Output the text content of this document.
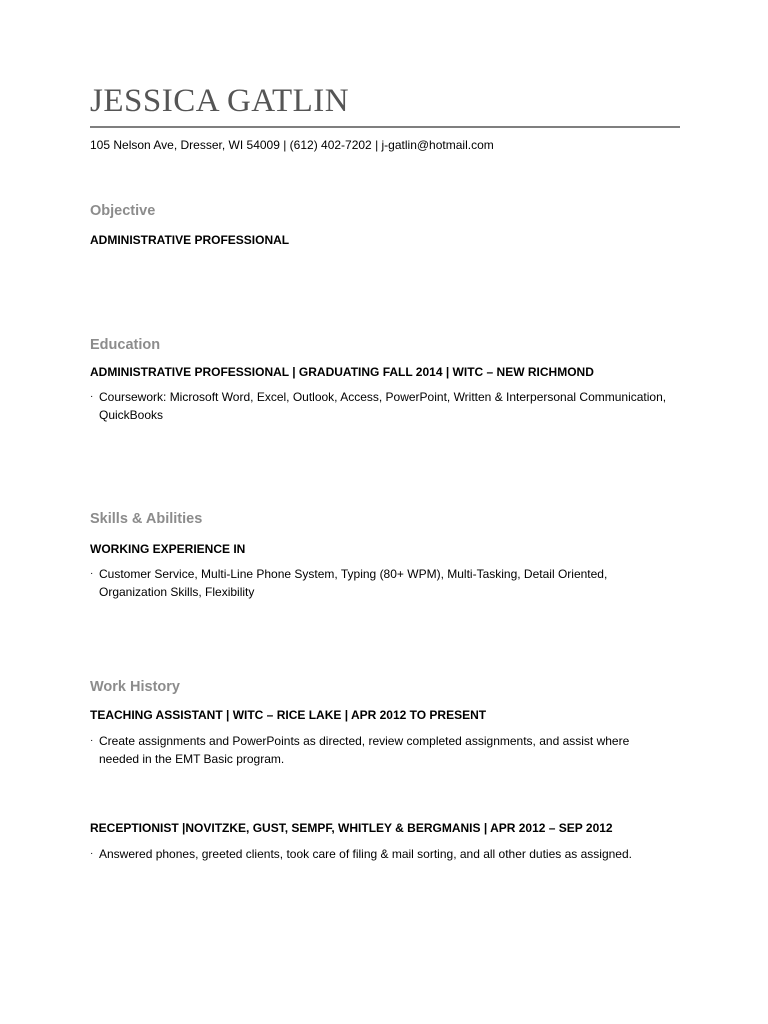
JESSICA GATLIN
105 Nelson Ave, Dresser, WI 54009 | (612) 402-7202 | j-gatlin@hotmail.com
Objective
ADMINISTRATIVE PROFESSIONAL
Education
ADMINISTRATIVE PROFESSIONAL | GRADUATING FALL 2014 | WITC – NEW RICHMOND
· Coursework: Microsoft Word, Excel, Outlook, Access, PowerPoint, Written & Interpersonal Communication, QuickBooks
Skills & Abilities
WORKING EXPERIENCE IN
· Customer Service, Multi-Line Phone System, Typing (80+ WPM), Multi-Tasking, Detail Oriented, Organization Skills, Flexibility
Work History
TEACHING ASSISTANT | WITC – RICE LAKE | APR 2012 TO PRESENT
· Create assignments and PowerPoints as directed, review completed assignments, and assist where needed in the EMT Basic program.
RECEPTIONIST |NOVITZKE, GUST, SEMPF, WHITLEY & BERGMANIS | APR 2012 – SEP 2012
· Answered phones, greeted clients, took care of filing & mail sorting, and all other duties as assigned.
